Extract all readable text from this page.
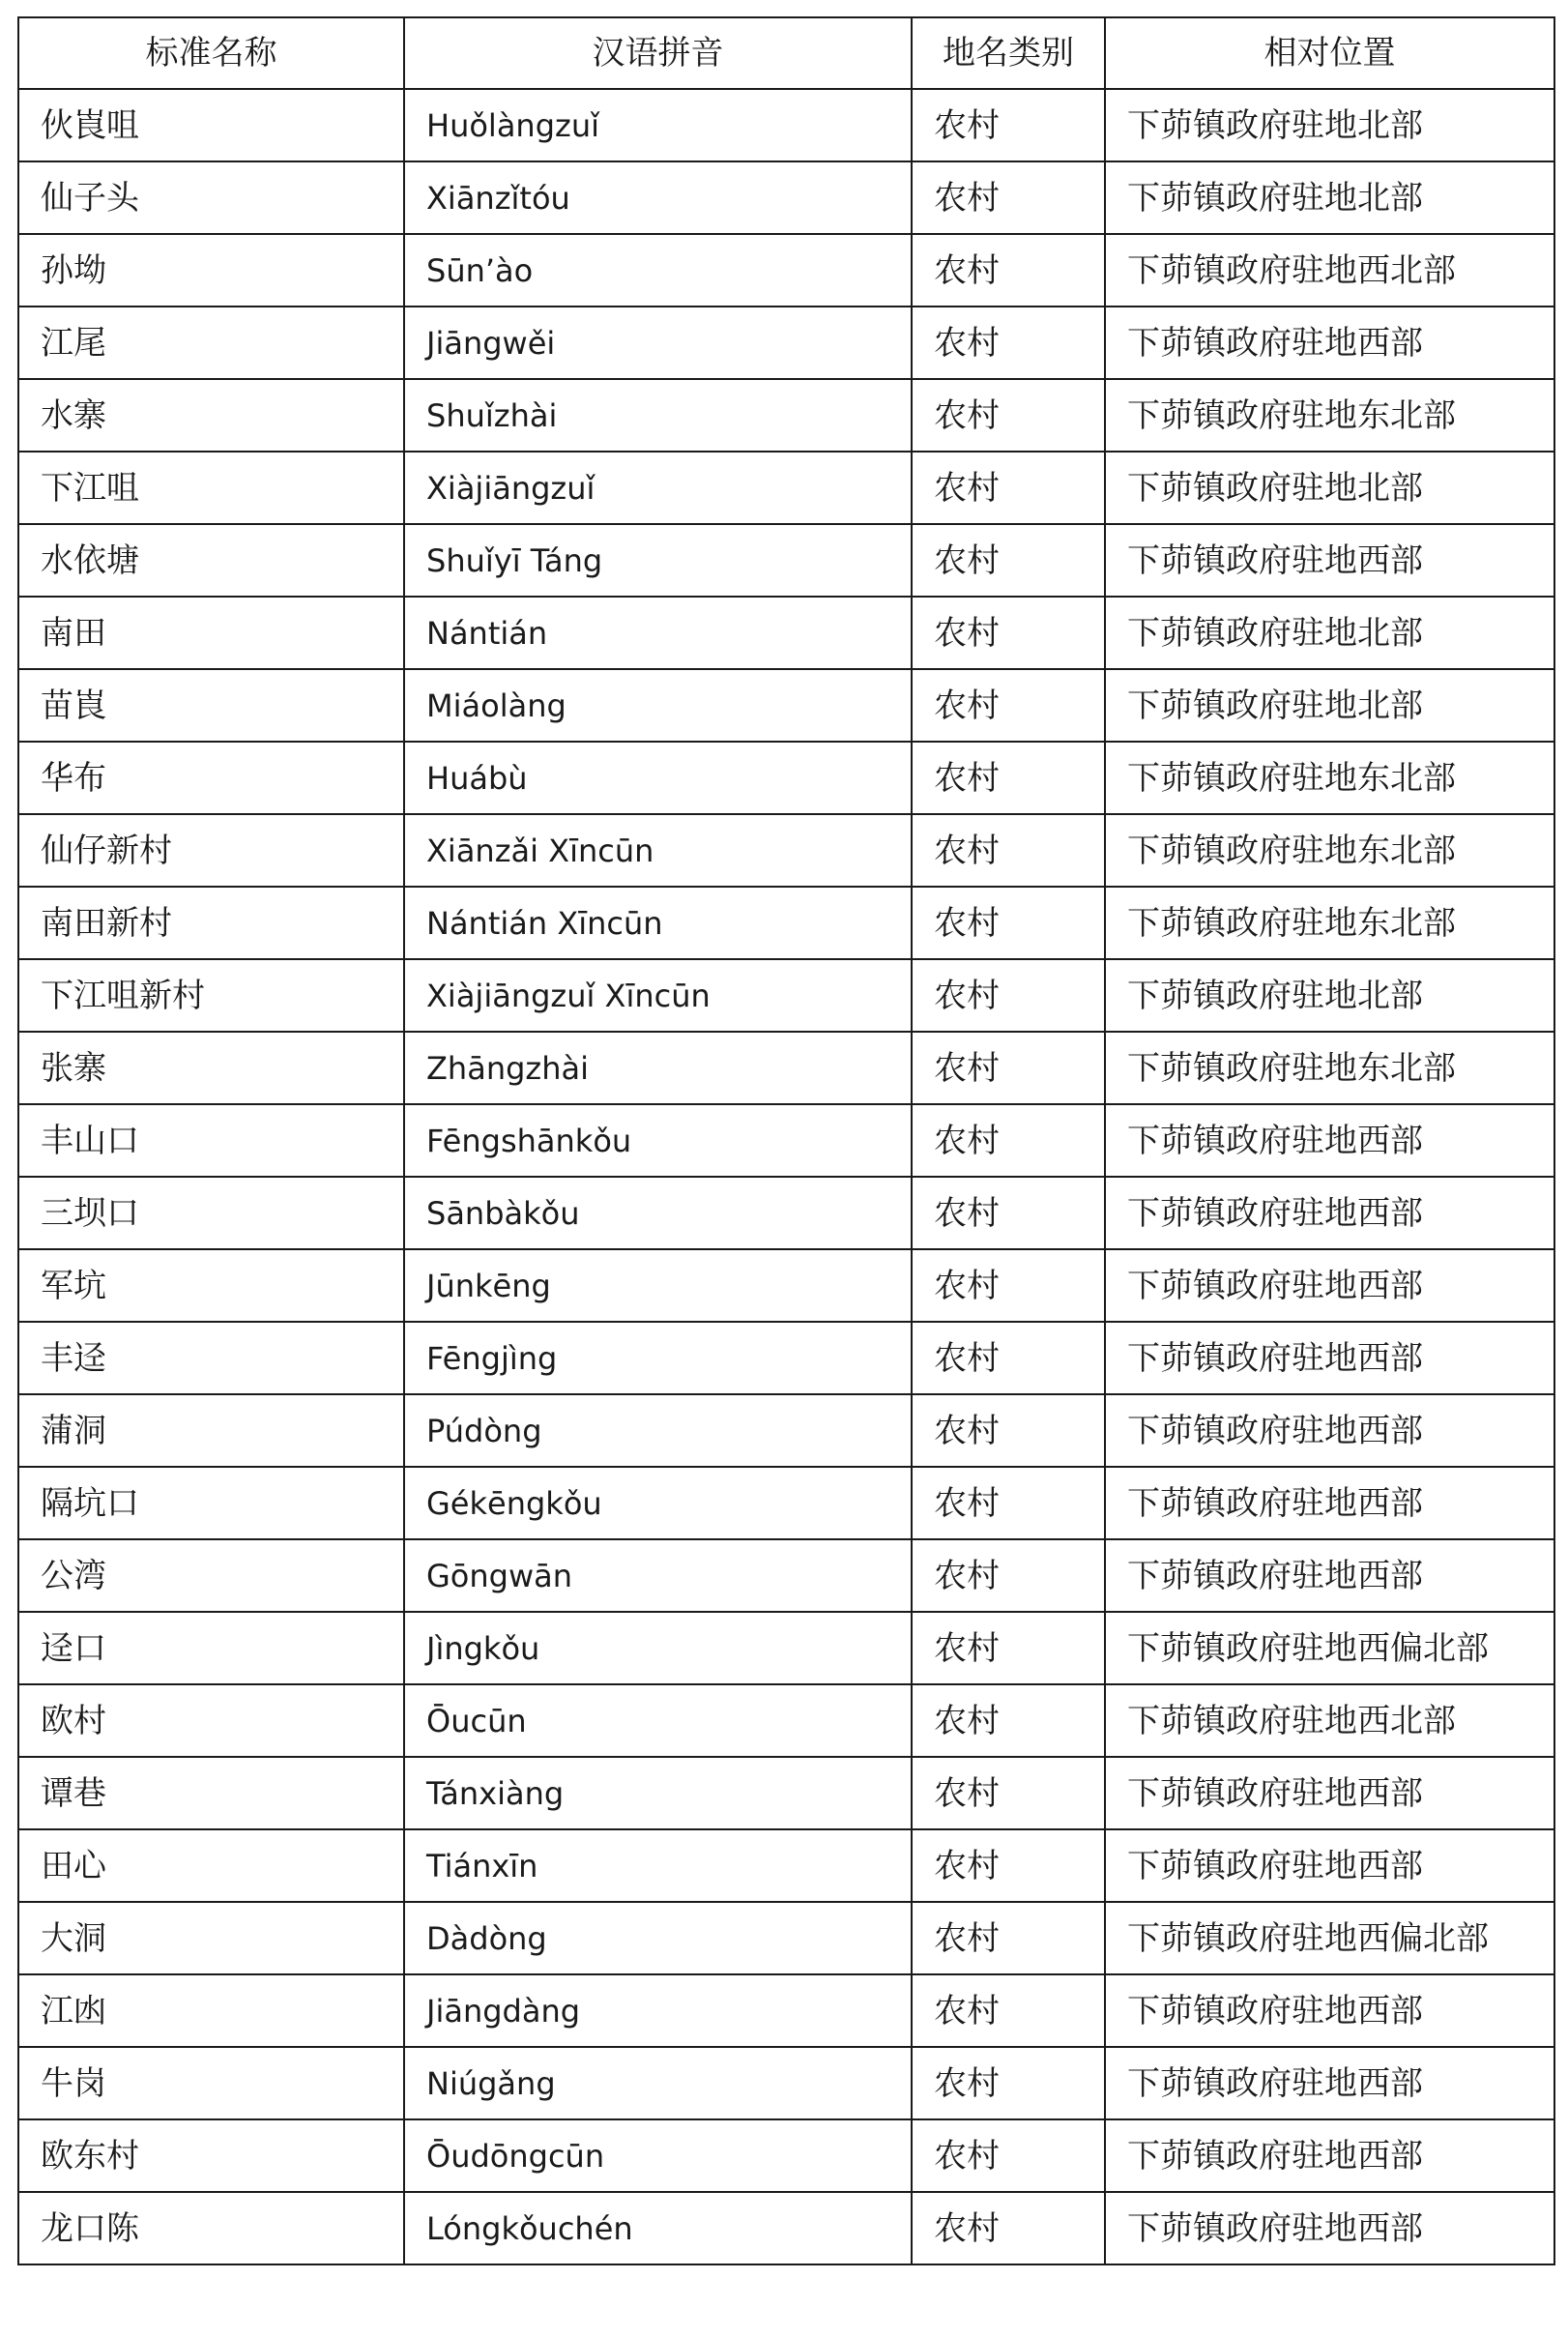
标准名称	汉语拼音	地名类别	相对位置
伙崀咀	Huǒlàngzuǐ	农村	下茆镇政府驻地北部
仙子头	Xiānzǐtóu	农村	下茆镇政府驻地北部
孙坳	Sūn’ào	农村	下茆镇政府驻地西北部
江尾	Jiāngwěi	农村	下茆镇政府驻地西部
水寨	Shuǐzhài	农村	下茆镇政府驻地东北部
下江咀	Xiàjiāngzuǐ	农村	下茆镇政府驻地北部
水依塘	Shuǐyī Táng	农村	下茆镇政府驻地西部
南田	Nántián	农村	下茆镇政府驻地北部
苗崀	Miáolàng	农村	下茆镇政府驻地北部
华布	Huábù	农村	下茆镇政府驻地东北部
仙仔新村	Xiānzǎi Xīncūn	农村	下茆镇政府驻地东北部
南田新村	Nántián Xīncūn	农村	下茆镇政府驻地东北部
下江咀新村	Xiàjiāngzuǐ Xīncūn	农村	下茆镇政府驻地北部
张寨	Zhāngzhài	农村	下茆镇政府驻地东北部
丰山口	Fēngshānkǒu	农村	下茆镇政府驻地西部
三坝口	Sānbàkǒu	农村	下茆镇政府驻地西部
军坑	Jūnkēng	农村	下茆镇政府驻地西部
丰迳	Fēngjìng	农村	下茆镇政府驻地西部
蒲洞	Púdòng	农村	下茆镇政府驻地西部
隔坑口	Gékēngkǒu	农村	下茆镇政府驻地西部
公湾	Gōngwān	农村	下茆镇政府驻地西部
迳口	Jìngkǒu	农村	下茆镇政府驻地西偏北部
欧村	Ōucūn	农村	下茆镇政府驻地西北部
谭巷	Tánxiàng	农村	下茆镇政府驻地西部
田心	Tiánxīn	农村	下茆镇政府驻地西部
大洞	Dàdòng	农村	下茆镇政府驻地西偏北部
江凼	Jiāngdàng	农村	下茆镇政府驻地西部
牛岗	Niúgǎng	农村	下茆镇政府驻地西部
欧东村	Ōudōngcūn	农村	下茆镇政府驻地西部
龙口陈	Lóngkǒuchén	农村	下茆镇政府驻地西部
